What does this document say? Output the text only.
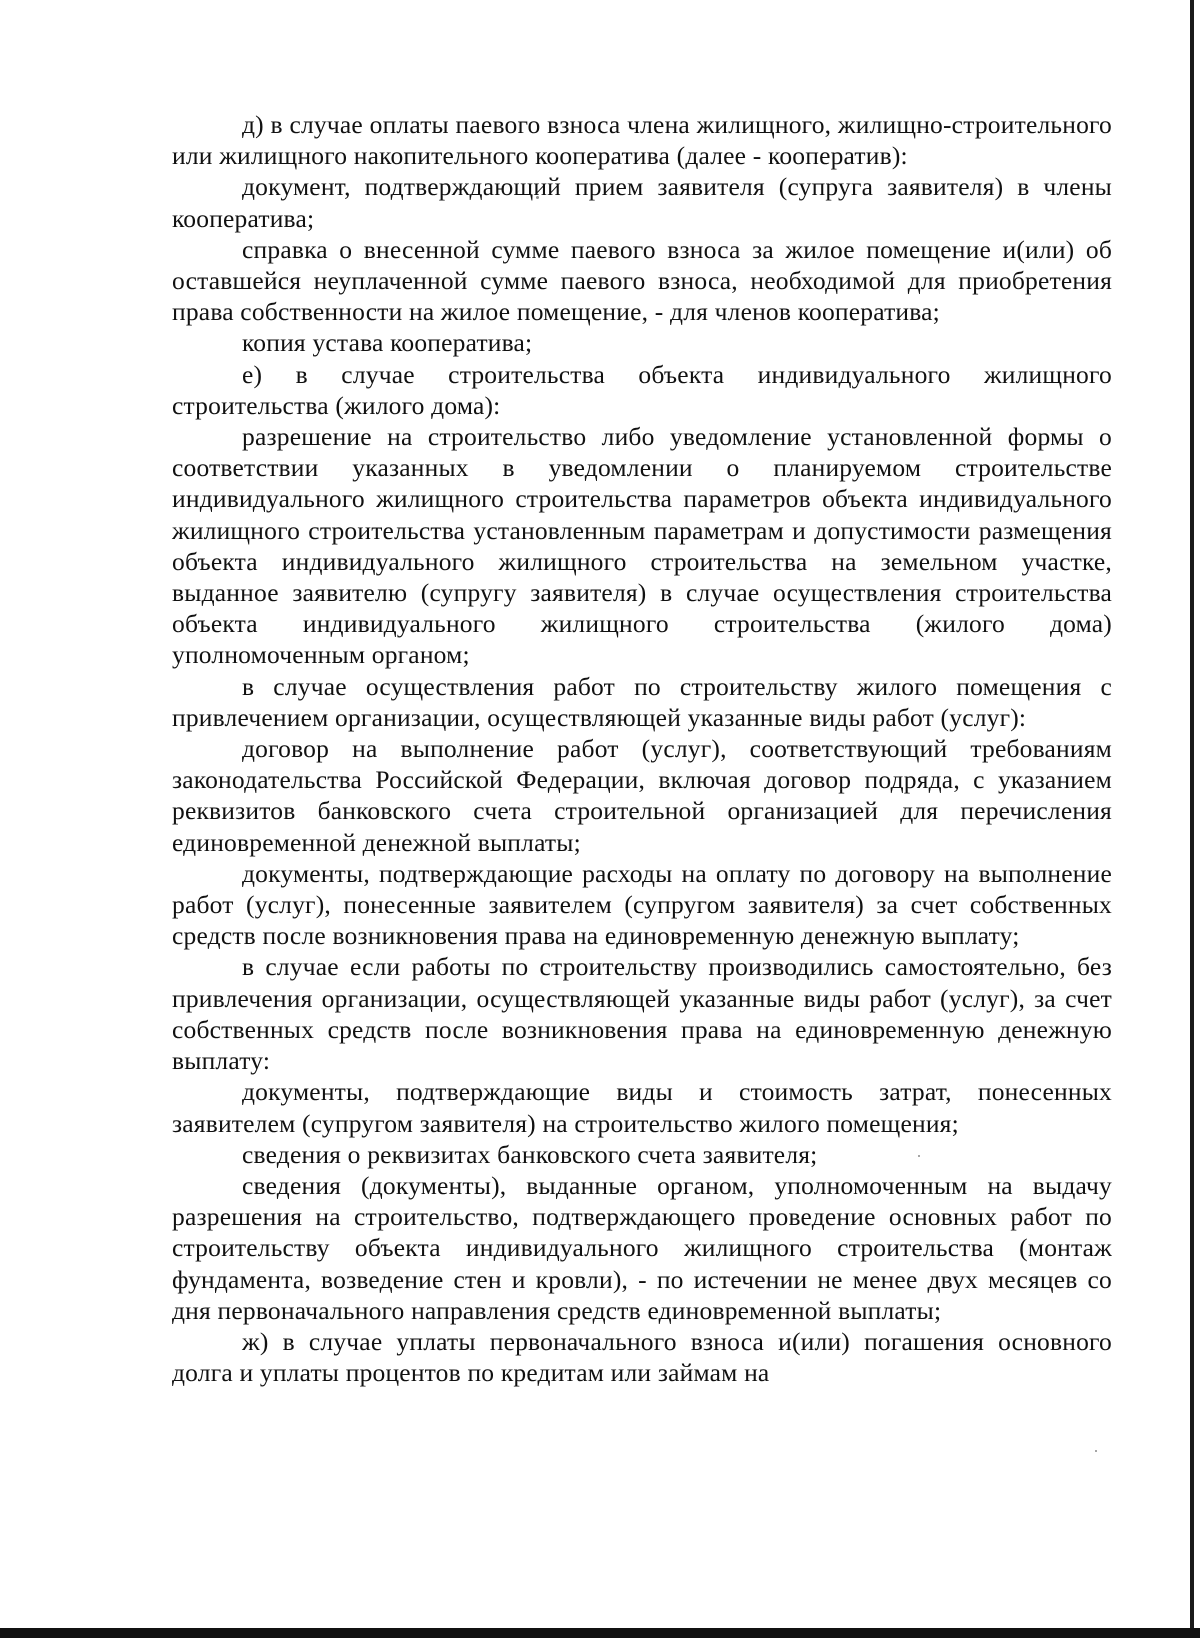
д) в случае оплаты паевого взноса члена жилищного, жилищно-строительного или жилищного накопительного кооператива (далее - кооператив):

документ, подтверждающий прием заявителя (супруга заявителя) в члены кооператива;

справка о внесенной сумме паевого взноса за жилое помещение и(или) об оставшейся неуплаченной сумме паевого взноса, необходимой для приобретения права собственности на жилое помещение, - для членов кооператива;

копия устава кооператива;

е) в случае строительства объекта индивидуального жилищного строительства (жилого дома):

разрешение на строительство либо уведомление установленной формы о соответствии указанных в уведомлении о планируемом строительстве индивидуального жилищного строительства параметров объекта индивидуального жилищного строительства установленным параметрам и допустимости размещения объекта индивидуального жилищного строительства на земельном участке, выданное заявителю (супругу заявителя) в случае осуществления строительства объекта индивидуального жилищного строительства (жилого дома) уполномоченным органом;

в случае осуществления работ по строительству жилого помещения с привлечением организации, осуществляющей указанные виды работ (услуг):

договор на выполнение работ (услуг), соответствующий требованиям законодательства Российской Федерации, включая договор подряда, с указанием реквизитов банковского счета строительной организацией для перечисления единовременной денежной выплаты;

документы, подтверждающие расходы на оплату по договору на выполнение работ (услуг), понесенные заявителем (супругом заявителя) за счет собственных средств после возникновения права на единовременную денежную выплату;

в случае если работы по строительству производились самостоятельно, без привлечения организации, осуществляющей указанные виды работ (услуг), за счет собственных средств после возникновения права на единовременную денежную выплату:

документы, подтверждающие виды и стоимость затрат, понесенных заявителем (супругом заявителя) на строительство жилого помещения;

сведения о реквизитах банковского счета заявителя;

сведения (документы), выданные органом, уполномоченным на выдачу разрешения на строительство, подтверждающего проведение основных работ по строительству объекта индивидуального жилищного строительства (монтаж фундамента, возведение стен и кровли), - по истечении не менее двух месяцев со дня первоначального направления средств единовременной выплаты;

ж) в случае уплаты первоначального взноса и(или) погашения основного долга и уплаты процентов по кредитам или займам на
